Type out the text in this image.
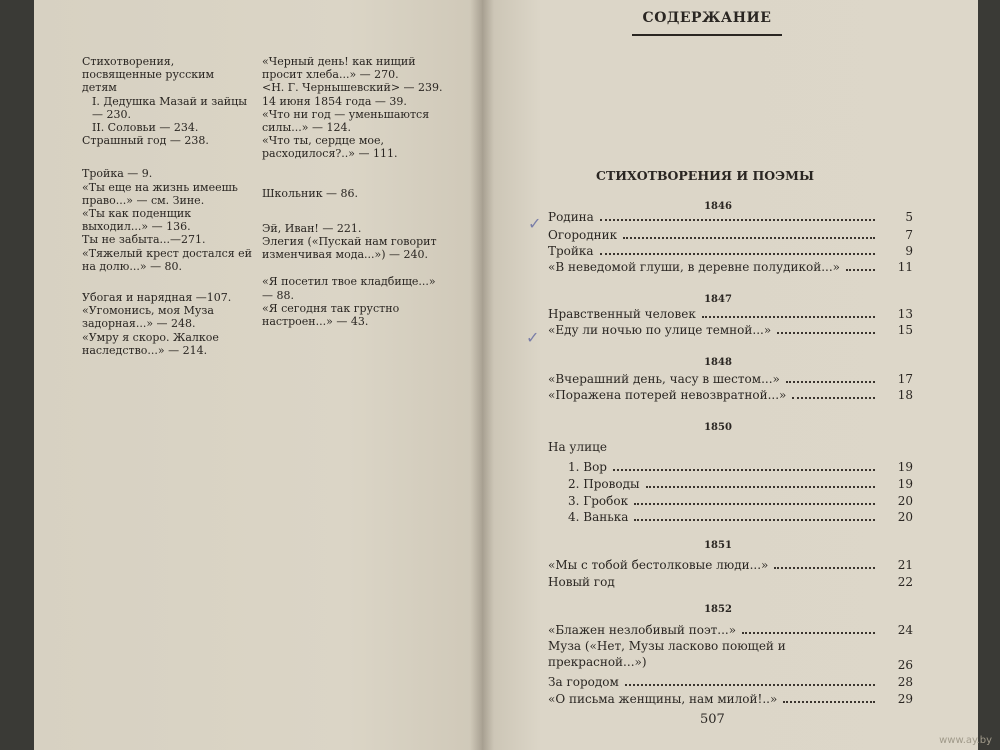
Стихотворения, посвященные русским детям

I. Дедушка Мазай и зайцы — 230.

II. Соловьи — 234.

Страшный год — 238.

Тройка — 9.

«Ты еще на жизнь имеешь право...» — см. Зине.

«Ты как поденщик выходил...» — 136.

Ты не забыта...—271.

«Тяжелый крест достался ей на долю...» — 80.

Убогая и нарядная —107.

«Угомонись, моя Муза задорная...» — 248.

«Умру я скоро. Жалкое наследство...» — 214.

«Черный день! как нищий просит хлеба...» — 270.

<Н. Г. Чернышевский> — 239.

14 июня 1854 года — 39.

«Что ни год — уменьшаются силы...» — 124.

«Что ты, сердце мое, расходилося?..» — 111.

Школьник — 86.

Эй, Иван! — 221.

Элегия («Пускай нам говорит изменчивая мода...») — 240.

«Я посетил твое кладбище...» — 88.

«Я сегодня так грустно настроен...» — 43.

СОДЕРЖАНИЕ
СТИХОТВОРЕНИЯ И ПОЭМЫ
1846
Родина	5
Огородник	7
Тройка	9
«В неведомой глуши, в деревне полудикой...»	11
1847
Нравственный человек	13
«Еду ли ночью по улице темной...»	15
1848
«Вчерашний день, часу в шестом...»	17
«Поражена потерей невозвратной...»	18
1850
На улице
1. Вор	19
2. Проводы	19
3. Гробок	20
4. Ванька	20
1851
«Мы с тобой бестолковые люди...»	21
Новый год	22
1852
«Блажен незлобивый поэт...»	24
Муза («Нет, Музы ласково поющей и прекрасной...»)	26
За городом	28
«О письма женщины, нам милой!..»	29
507
✓
✓
www.ay.by
